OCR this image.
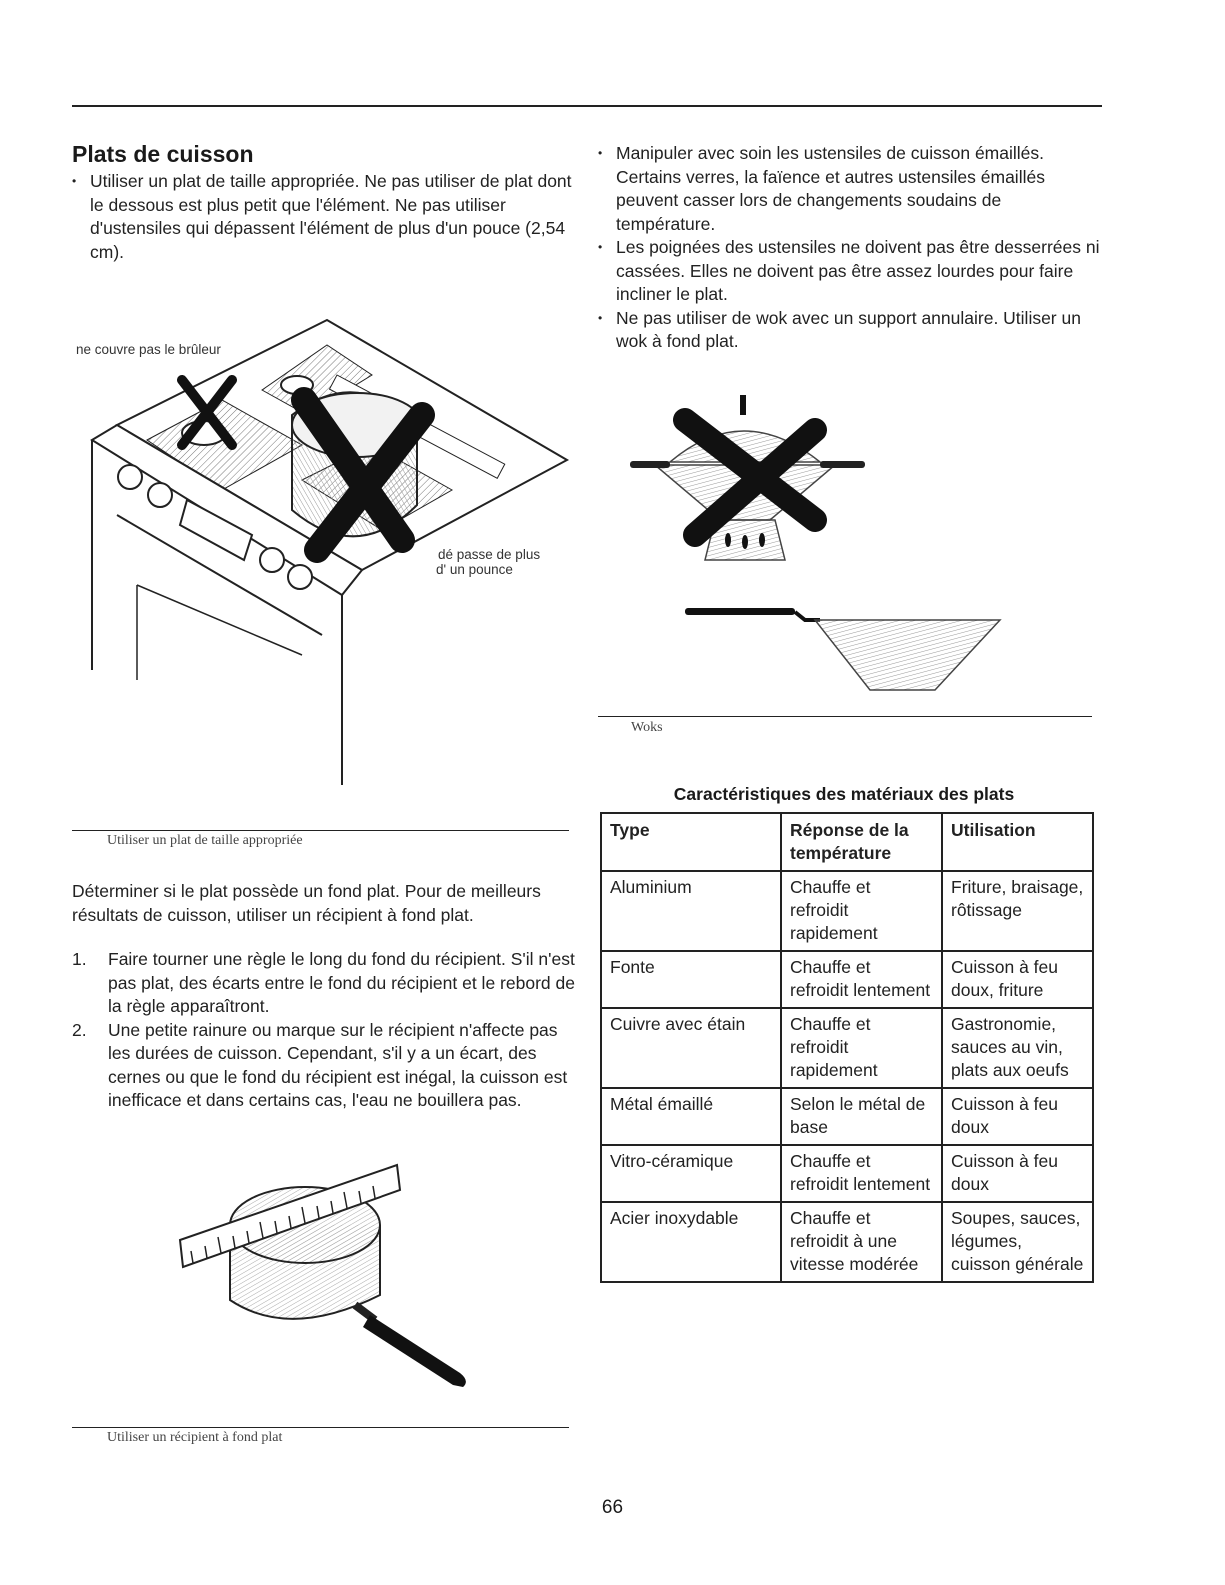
Plats de cuisson
• Utiliser un plat de taille appropriée. Ne pas utiliser de plat dont le dessous est plus petit que l'élément. Ne pas utiliser d'ustensiles qui dépassent l'élément de plus d'un pouce (2,54 cm).
ne couvre pas le brûleur
dé passe de plus
d' un pounce
Utiliser un plat de taille appropriée

Déterminer si le plat possède un fond plat. Pour de meilleurs résultats de cuisson, utiliser un récipient à fond plat.

1. Faire tourner une règle le long du fond du récipient. S'il n'est pas plat, des écarts entre le fond du récipient et le rebord de la règle apparaîtront.
2. Une petite rainure ou marque sur le récipient n'affecte pas les durées de cuisson. Cependant, s'il y a un écart, des cernes ou que le fond du récipient est inégal, la cuisson est inefficace et dans certains cas, l'eau ne bouillera pas.
Utiliser un récipient à fond plat
• Manipuler avec soin les ustensiles de cuisson émaillés. Certains verres, la faïence et autres ustensiles émaillés peuvent casser lors de changements soudains de température.
• Les poignées des ustensiles ne doivent pas être desserrées ni cassées. Elles ne doivent pas être assez lourdes pour faire incliner le plat.
• Ne pas utiliser de wok avec un support annulaire. Utiliser un wok à fond plat.
Woks
Caractéristiques des matériaux des plats
Type	Réponse de la température	Utilisation
Aluminium	Chauffe et refroidit rapidement	Friture, braisage, rôtissage
Fonte	Chauffe et refroidit lentement	Cuisson à feu doux, friture
Cuivre avec étain	Chauffe et refroidit rapidement	Gastronomie, sauces au vin, plats aux oeufs
Métal émaillé	Selon le métal de base	Cuisson à feu doux
Vitro-céramique	Chauffe et refroidit lentement	Cuisson à feu doux
Acier inoxydable	Chauffe et refroidit à une vitesse modérée	Soupes, sauces, légumes, cuisson générale
66
